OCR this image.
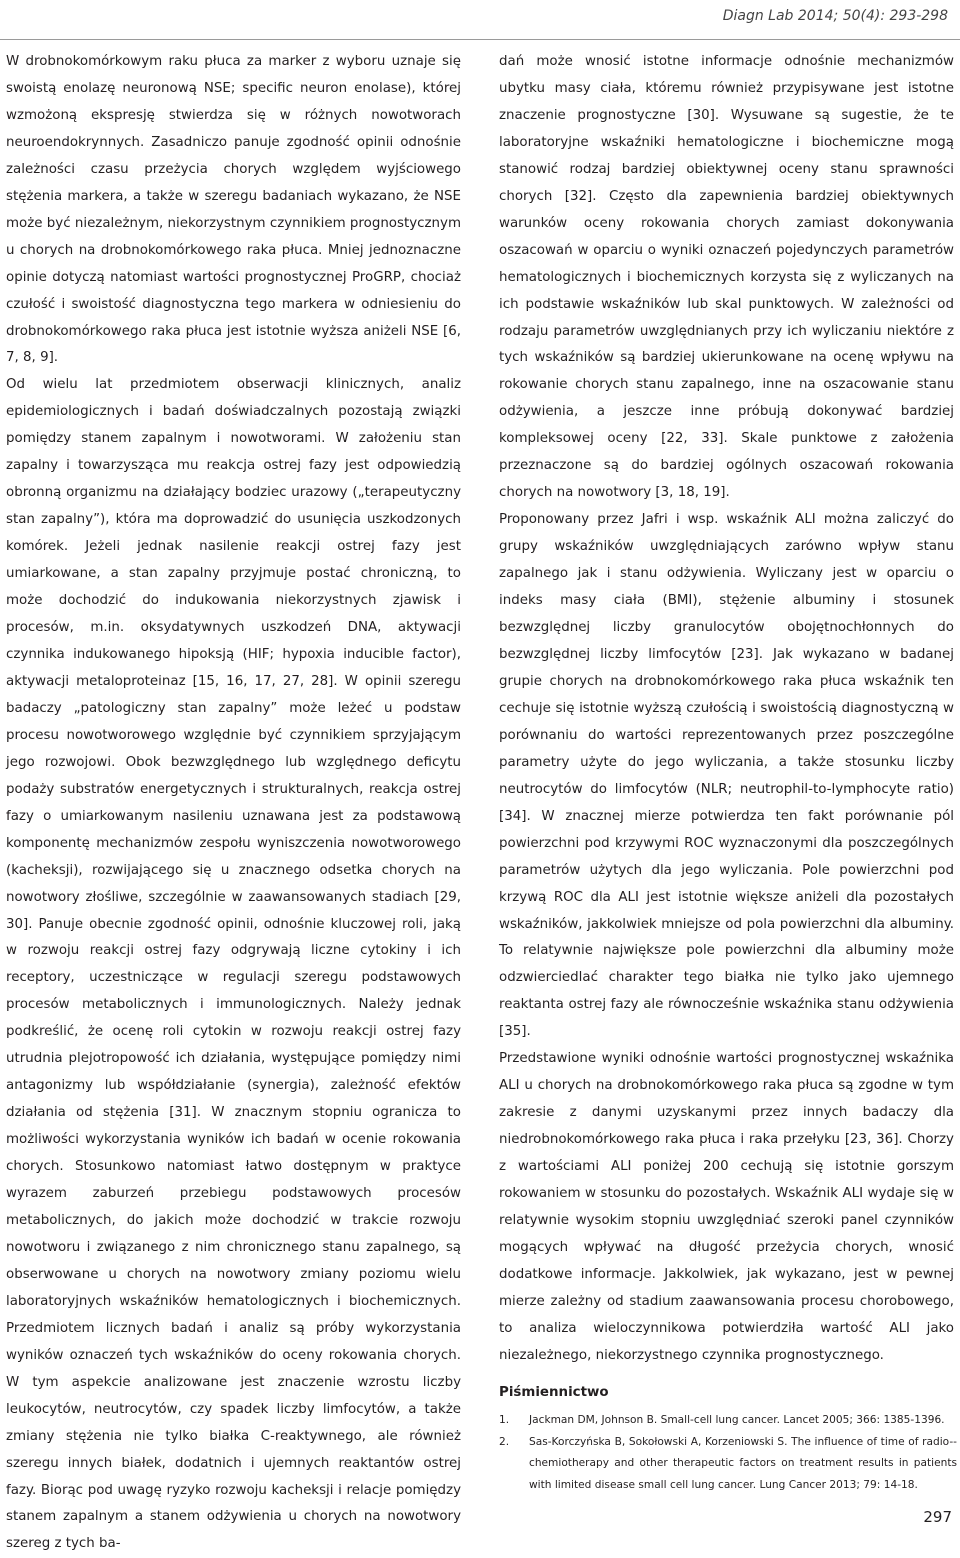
Diagn Lab 2014; 50(4): 293-298

W drobnokomórkowym raku płuca za marker z wyboru uznaje się swoistą enolazę neuronową NSE; specific neuron enolase), której wzmożoną ekspresję stwierdza się w różnych nowotworach neuroendokrynnych. Zasadniczo panuje zgodność opinii odnośnie zależności czasu przeżycia chorych względem wyjściowego stężenia markera, a także w szeregu badaniach wykazano, że NSE może być niezależnym, niekorzystnym czynnikiem prognostycznym u chorych na drobnokomórkowego raka płuca. Mniej jednoznaczne opinie dotyczą natomiast wartości prognostycznej ProGRP, chociaż czułość i swoistość diagnostyczna tego markera w odniesieniu do drobnokomórkowego raka płuca jest istotnie wyższa aniżeli NSE [6, 7, 8, 9].

Od wielu lat przedmiotem obserwacji klinicznych, analiz epidemiologicznych i badań doświadczalnych pozostają związki pomiędzy stanem zapalnym i nowotworami. W założeniu stan zapalny i towarzysząca mu reakcja ostrej fazy jest odpowiedzią obronną organizmu na działający bodziec urazowy („terapeutyczny stan zapalny”), która ma doprowadzić do usunięcia uszkodzonych komórek. Jeżeli jednak nasilenie reakcji ostrej fazy jest umiarkowane, a stan zapalny przyjmuje postać chroniczną, to może dochodzić do indukowania niekorzystnych zjawisk i procesów, m.in. oksydatywnych uszkodzeń DNA, aktywacji czynnika indukowanego hipoksją (HIF; hypoxia inducible factor), aktywacji metaloproteinaz [15, 16, 17, 27, 28]. W opinii szeregu badaczy „patologiczny stan zapalny” może leżeć u podstaw procesu nowotworowego względnie być czynnikiem sprzyjającym jego rozwojowi. Obok bezwzględnego lub względnego deficytu podaży substratów energetycznych i strukturalnych, reakcja ostrej fazy o umiarkowanym nasileniu uznawana jest za podstawową komponentę mechanizmów zespołu wyniszczenia nowotworowego (kacheksji), rozwijającego się u znacznego odsetka chorych na nowotwory złośliwe, szczególnie w zaawansowanych stadiach [29, 30]. Panuje obecnie zgodność opinii, odnośnie kluczowej roli, jaką w rozwoju reakcji ostrej fazy odgrywają liczne cytokiny i ich receptory, uczestniczące w regulacji szeregu podstawowych procesów metabolicznych i immunologicznych. Należy jednak podkreślić, że ocenę roli cytokin w rozwoju reakcji ostrej fazy utrudnia plejotropowość ich działania, występujące pomiędzy nimi antagonizmy lub współdziałanie (synergia), zależność efektów działania od stężenia [31]. W znacznym stopniu ogranicza to możliwości wykorzystania wyników ich badań w ocenie rokowania chorych. Stosunkowo natomiast łatwo dostępnym w praktyce wyrazem zaburzeń przebiegu podstawowych procesów metabolicznych, do jakich może dochodzić w trakcie rozwoju nowotworu i związanego z nim chronicznego stanu zapalnego, są obserwowane u chorych na nowotwory zmiany poziomu wielu laboratoryjnych wskaźników hematologicznych i biochemicznych. Przedmiotem licznych badań i analiz są próby wykorzystania wyników oznaczeń tych wskaźników do oceny rokowania chorych. W tym aspekcie analizowane jest znaczenie wzrostu liczby leukocytów, neutrocytów, czy spadek liczby limfocytów, a także zmiany stężenia nie tylko białka C-reaktywnego, ale również szeregu innych białek, dodatnich i ujemnych reaktantów ostrej fazy. Biorąc pod uwagę ryzyko rozwoju kacheksji i relacje pomiędzy stanem zapalnym a stanem odżywienia u chorych na nowotwory szereg z tych ba-

dań może wnosić istotne informacje odnośnie mechanizmów ubytku masy ciała, któremu również przypisywane jest istotne znaczenie prognostyczne [30]. Wysuwane są sugestie, że te laboratoryjne wskaźniki hematologiczne i biochemiczne mogą stanowić rodzaj bardziej obiektywnej oceny stanu sprawności chorych [32]. Często dla zapewnienia bardziej obiektywnych warunków oceny rokowania chorych zamiast dokonywania oszacowań w oparciu o wyniki oznaczeń pojedynczych parametrów hematologicznych i biochemicznych korzysta się z wyliczanych na ich podstawie wskaźników lub skal punktowych. W zależności od rodzaju parametrów uwzględnianych przy ich wyliczaniu niektóre z tych wskaźników są bardziej ukierunkowane na ocenę wpływu na rokowanie chorych stanu zapalnego, inne na oszacowanie stanu odżywienia, a jeszcze inne próbują dokonywać bardziej kompleksowej oceny [22, 33]. Skale punktowe z założenia przeznaczone są do bardziej ogólnych oszacowań rokowania chorych na nowotwory [3, 18, 19].

Proponowany przez Jafri i wsp. wskaźnik ALI można zaliczyć do grupy wskaźników uwzględniających zarówno wpływ stanu zapalnego jak i stanu odżywienia. Wyliczany jest w oparciu o indeks masy ciała (BMI), stężenie albuminy i stosunek bezwzględnej liczby granulocytów obojętnochłonnych do bezwzględnej liczby limfocytów [23]. Jak wykazano w badanej grupie chorych na drobnokomórkowego raka płuca wskaźnik ten cechuje się istotnie wyższą czułością i swoistością diagnostyczną w porównaniu do wartości reprezentowanych przez poszczególne parametry użyte do jego wyliczania, a także stosunku liczby neutrocytów do limfocytów (NLR; neutrophil-to-lymphocyte ratio) [34]. W znacznej mierze potwierdza ten fakt porównanie pól powierzchni pod krzywymi ROC wyznaczonymi dla poszczególnych parametrów użytych dla jego wyliczania. Pole powierzchni pod krzywą ROC dla ALI jest istotnie większe aniżeli dla pozostałych wskaźników, jakkolwiek mniejsze od pola powierzchni dla albuminy. To relatywnie największe pole powierzchni dla albuminy może odzwierciedlać charakter tego białka nie tylko jako ujemnego reaktanta ostrej fazy ale równocześnie wskaźnika stanu odżywienia [35].

Przedstawione wyniki odnośnie wartości prognostycznej wskaźnika ALI u chorych na drobnokomórkowego raka płuca są zgodne w tym zakresie z danymi uzyskanymi przez innych badaczy dla niedrobnokomórkowego raka płuca i raka przełyku [23, 36]. Chorzy z wartościami ALI poniżej 200 cechują się istotnie gorszym rokowaniem w stosunku do pozostałych. Wskaźnik ALI wydaje się w relatywnie wysokim stopniu uwzględniać szeroki panel czynników mogących wpływać na długość przeżycia chorych, wnosić dodatkowe informacje. Jakkolwiek, jak wykazano, jest w pewnej mierze zależny od stadium zaawansowania procesu chorobowego, to analiza wieloczynnikowa potwierdziła wartość ALI jako niezależnego, niekorzystnego czynnika prognostycznego.

Piśmiennictwo
1. Jackman DM, Johnson B. Small-cell lung cancer. Lancet 2005; 366: 1385-1396.
2. Sas-Korczyńska B, Sokołowski A, Korzeniowski S. The influence of time of radio--chemiotherapy and other therapeutic factors on treatment results in patients with limited disease small cell lung cancer. Lung Cancer 2013; 79: 14-18.
297
